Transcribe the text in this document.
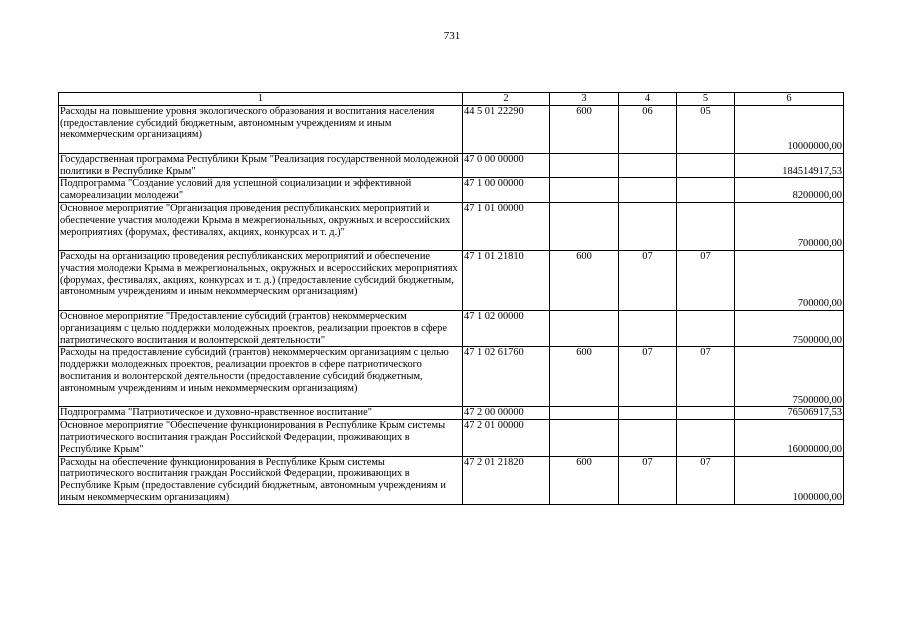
731
1	2	3	4	5	6
Расходы на повышение уровня экологического образования и воспитания населения (предоставление субсидий бюджетным, автономным учреждениям и иным некоммерческим организациям)	44 5 01 22290	600	06	05	10000000,00
Государственная программа Республики Крым "Реализация государственной молодежной политики в Республике Крым"	47 0 00 00000				184514917,53
Подпрограмма "Создание условий для успешной социализации и эффективной самореализации молодежи"	47 1 00 00000				8200000,00
Основное мероприятие "Организация проведения республиканских мероприятий и обеспечение участия молодежи Крыма в межрегиональных, окружных и всероссийских мероприятиях (форумах, фестивалях, акциях, конкурсах и т. д.)"	47 1 01 00000				700000,00
Расходы на организацию проведения республиканских мероприятий и обеспечение участия молодежи Крыма в межрегиональных, окружных и всероссийских мероприятиях (форумах, фестивалях, акциях, конкурсах и т. д.) (предоставление субсидий бюджетным, автономным учреждениям и иным некоммерческим организациям)	47 1 01 21810	600	07	07	700000,00
Основное мероприятие "Предоставление субсидий (грантов) некоммерческим организациям с целью поддержки молодежных проектов, реализации проектов в сфере патриотического воспитания и волонтерской деятельности"	47 1 02 00000				7500000,00
Расходы на предоставление субсидий (грантов) некоммерческим организациям с целью поддержки молодежных проектов, реализации проектов в сфере патриотического воспитания и волонтерской деятельности (предоставление субсидий бюджетным, автономным учреждениям и иным некоммерческим организациям)	47 1 02 61760	600	07	07	7500000,00
Подпрограмма "Патриотическое и духовно-нравственное воспитание"	47 2 00 00000				76506917,53
Основное мероприятие "Обеспечение функционирования в Республике Крым системы патриотического воспитания граждан Российской Федерации, проживающих в Республике Крым"	47 2 01 00000				16000000,00
Расходы на обеспечение функционирования в Республике Крым системы патриотического воспитания граждан Российской Федерации, проживающих в Республике Крым (предоставление субсидий бюджетным, автономным учреждениям и иным некоммерческим организациям)	47 2 01 21820	600	07	07	1000000,00
